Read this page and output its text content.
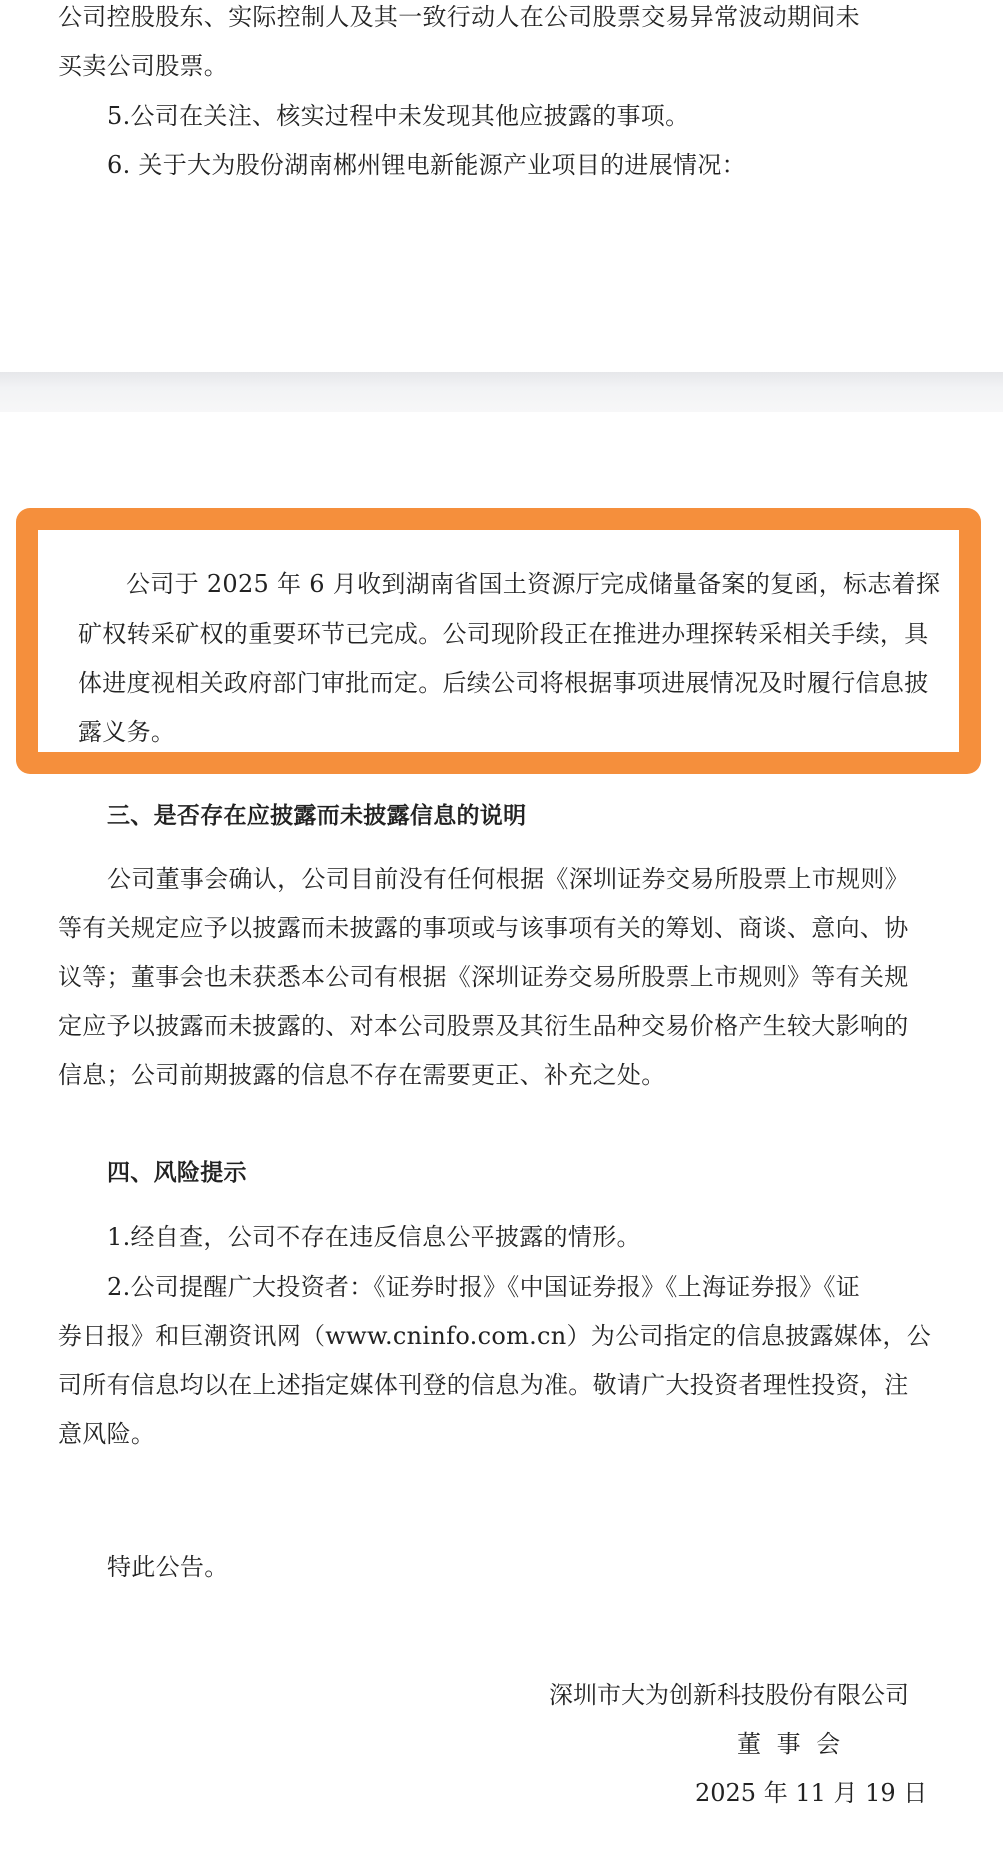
公司控股股东、实际控制人及其一致行动人在公司股票交易异常波动期间未
买卖公司股票。
5.公司在关注、核实过程中未发现其他应披露的事项。
6. 关于大为股份湖南郴州锂电新能源产业项目的进展情况：
三、是否存在应披露而未披露信息的说明
公司董事会确认，公司目前没有任何根据《深圳证券交易所股票上市规则》
等有关规定应予以披露而未披露的事项或与该事项有关的筹划、商谈、意向、协
议等；董事会也未获悉本公司有根据《深圳证券交易所股票上市规则》等有关规
定应予以披露而未披露的、对本公司股票及其衍生品种交易价格产生较大影响的
信息；公司前期披露的信息不存在需要更正、补充之处。
四、风险提示
1.经自查，公司不存在违反信息公平披露的情形。
2.公司提醒广大投资者：《证券时报》《中国证券报》《上海证券报》《证
券日报》和巨潮资讯网（www.cninfo.com.cn）为公司指定的信息披露媒体，公
司所有信息均以在上述指定媒体刊登的信息为准。敬请广大投资者理性投资，注
意风险。
特此公告。
深圳市大为创新科技股份有限公司
董 事 会
2025 年 11 月 19 日
公司于 2025 年 6 月收到湖南省国土资源厅完成储量备案的复函，标志着探
矿权转采矿权的重要环节已完成。公司现阶段正在推进办理探转采相关手续，具
体进度视相关政府部门审批而定。后续公司将根据事项进展情况及时履行信息披
露义务。
